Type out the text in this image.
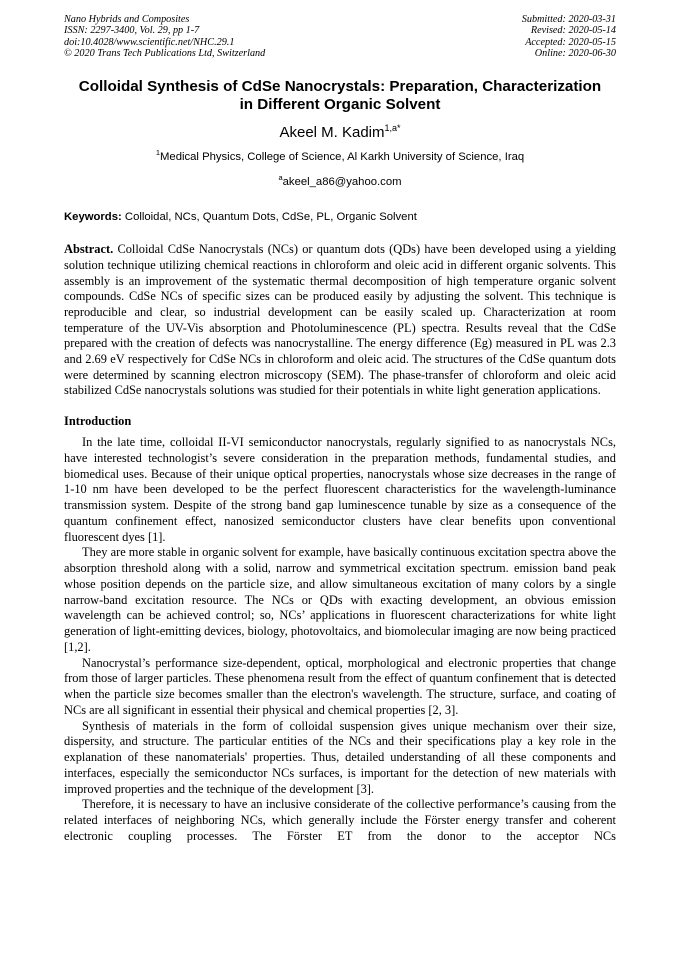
Nano Hybrids and Composites
ISSN: 2297-3400, Vol. 29, pp 1-7
doi:10.4028/www.scientific.net/NHC.29.1
© 2020 Trans Tech Publications Ltd, Switzerland
Submitted: 2020-03-31
Revised: 2020-05-14
Accepted: 2020-05-15
Online: 2020-06-30
Colloidal Synthesis of CdSe Nanocrystals: Preparation, Characterization
in Different Organic Solvent
Akeel M. Kadim$^{1,a*}$
$^1$Medical Physics, College of Science, Al Karkh University of Science, Iraq
$^a$akeel_a86@yahoo.com
Keywords: Colloidal, NCs, Quantum Dots, CdSe, PL, Organic Solvent
Abstract. Colloidal CdSe Nanocrystals (NCs) or quantum dots (QDs) have been developed using a yielding solution technique utilizing chemical reactions in chloroform and oleic acid in different organic solvents. This assembly is an improvement of the systematic thermal decomposition of high temperature organic solvent compounds. CdSe NCs of specific sizes can be produced easily by adjusting the solvent. This technique is reproducible and clear, so industrial development can be easily scaled up. Characterization at room temperature of the UV-Vis absorption and Photoluminescence (PL) spectra. Results reveal that the CdSe prepared with the creation of defects was nanocrystalline. The energy difference (Eg) measured in PL was 2.3 and 2.69 eV respectively for CdSe NCs in chloroform and oleic acid. The structures of the CdSe quantum dots were determined by scanning electron microscopy (SEM). The phase-transfer of chloroform and oleic acid stabilized CdSe nanocrystals solutions was studied for their potentials in white light generation applications.
Introduction

In the late time, colloidal II-VI semiconductor nanocrystals, regularly signified to as nanocrystals NCs, have interested technologist’s severe consideration in the preparation methods, fundamental studies, and biomedical uses. Because of their unique optical properties, nanocrystals whose size decreases in the range of 1-10 nm have been developed to be the perfect fluorescent characteristics for the wavelength-luminance transmission system. Despite of the strong band gap luminescence tunable by size as a consequence of the quantum confinement effect, nanosized semiconductor clusters have clear benefits upon conventional fluorescent dyes [1].

They are more stable in organic solvent for example, have basically continuous excitation spectra above the absorption threshold along with a solid, narrow and symmetrical excitation spectrum. emission band peak whose position depends on the particle size, and allow simultaneous excitation of many colors by a single narrow-band excitation resource. The NCs or QDs with exacting development, an obvious emission wavelength can be achieved control; so, NCs’ applications in fluorescent characterizations for white light generation of light-emitting devices, biology, photovoltaics, and biomolecular imaging are now being practiced [1,2].

Nanocrystal’s performance size-dependent, optical, morphological and electronic properties that change from those of larger particles. These phenomena result from the effect of quantum confinement that is detected when the particle size becomes smaller than the electron's wavelength. The structure, surface, and coating of NCs are all significant in essential their physical and chemical properties [2, 3].

Synthesis of materials in the form of colloidal suspension gives unique mechanism over their size, dispersity, and structure. The particular entities of the NCs and their specifications play a key role in the explanation of these nanomaterials' properties. Thus, detailed understanding of all these components and interfaces, especially the semiconductor NCs surfaces, is important for the detection of new materials with improved properties and the technique of the development [3].

Therefore, it is necessary to have an inclusive considerate of the collective performance’s causing from the related interfaces of neighboring NCs, which generally include the Förster energy transfer and coherent electronic coupling processes. The Förster ET from the donor to the acceptor NCs
